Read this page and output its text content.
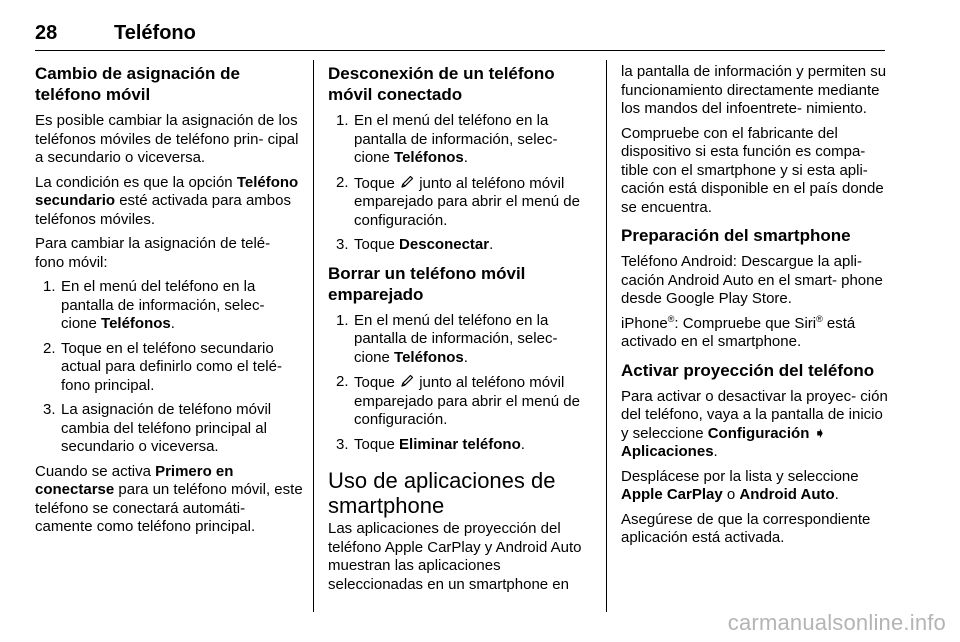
28	Teléfono
Cambio de asignación de teléfono móvil

Es posible cambiar la asignación de los teléfonos móviles de teléfono prin- cipal a secundario o viceversa.

La condición es que la opción Teléfono secundario esté activada para ambos teléfonos móviles.

Para cambiar la asignación de telé- fono móvil:

1. En el menú del teléfono en la pantalla de información, selec- cione Teléfonos.
2. Toque en el teléfono secundario actual para definirlo como el telé- fono principal.
3. La asignación de teléfono móvil cambia del teléfono principal al secundario o viceversa.

Cuando se activa Primero en conectarse para un teléfono móvil, este teléfono se conectará automáti- camente como teléfono principal.

Desconexión de un teléfono móvil conectado
1. En el menú del teléfono en la pantalla de información, selec- cione Teléfonos.
2. Toque  junto al teléfono móvil emparejado para abrir el menú de configuración.
3. Toque Desconectar.
Borrar un teléfono móvil emparejado
1. En el menú del teléfono en la pantalla de información, selec- cione Teléfonos.
2. Toque  junto al teléfono móvil emparejado para abrir el menú de configuración.
3. Toque Eliminar teléfono.
Uso de aplicaciones de smartphone

Las aplicaciones de proyección del teléfono Apple CarPlay y Android Auto muestran las aplicaciones seleccionadas en un smartphone en

la pantalla de información y permiten su funcionamiento directamente mediante los mandos del infoentrete- nimiento.

Compruebe con el fabricante del dispositivo si esta función es compa- tible con el smartphone y si esta apli- cación está disponible en el país donde se encuentra.

Preparación del smartphone

Teléfono Android: Descargue la apli- cación Android Auto en el smart- phone desde Google Play Store.

iPhone®: Compruebe que Siri® está activado en el smartphone.

Activar proyección del teléfono

Para activar o desactivar la proyec- ción del teléfono, vaya a la pantalla de inicio y seleccione Configuración ➧ Aplicaciones.

Desplácese por la lista y seleccione Apple CarPlay o Android Auto.

Asegúrese de que la correspondiente aplicación está activada.

carmanualsonline.info
